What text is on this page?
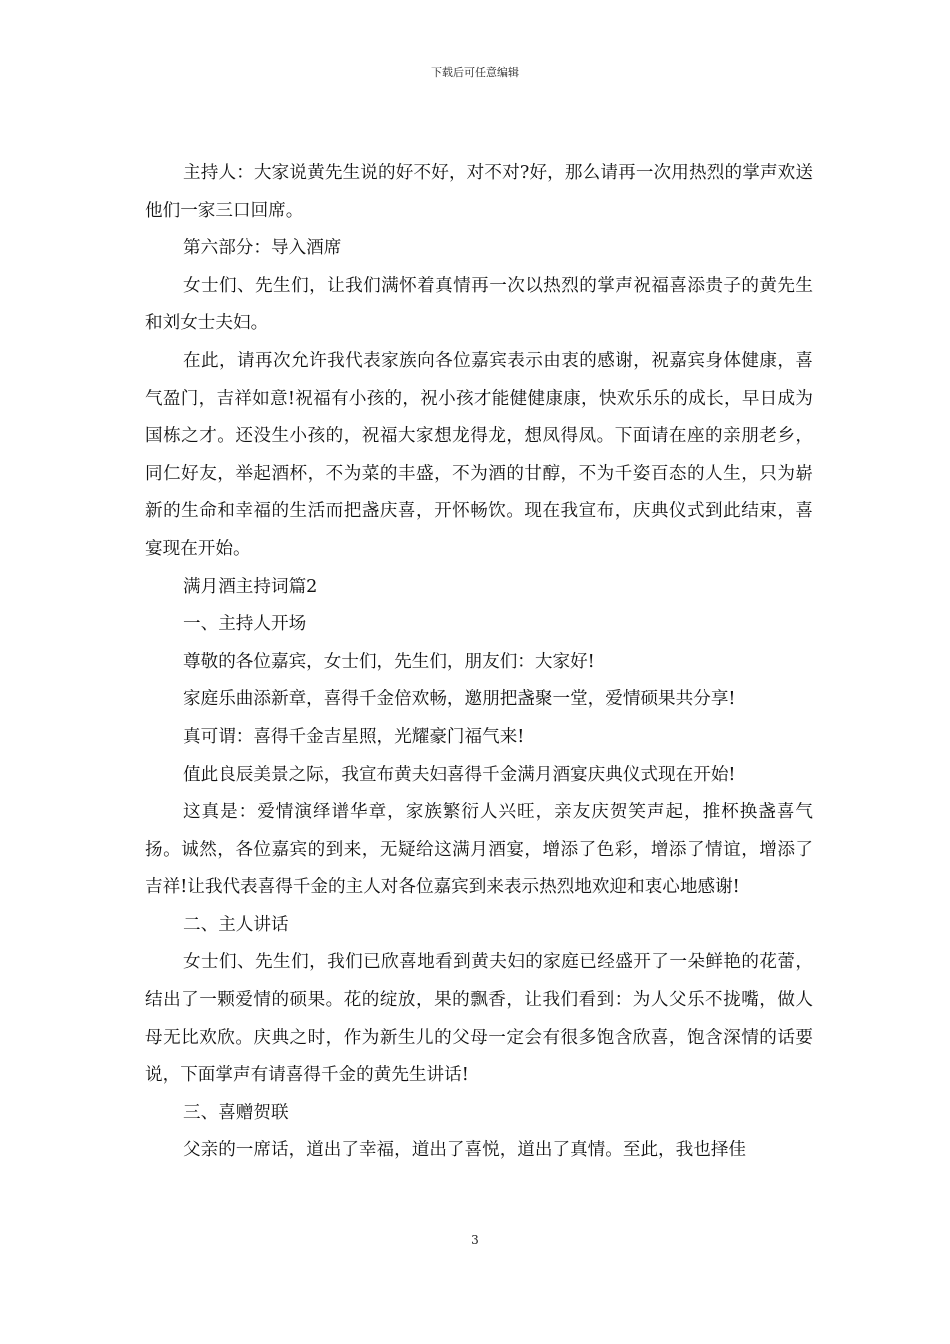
下载后可任意编辑

主持人：大家说黄先生说的好不好，对不对?好，那么请再一次用热烈的掌声欢送他们一家三口回席。

第六部分：导入酒席

女士们、先生们，让我们满怀着真情再一次以热烈的掌声祝福喜添贵子的黄先生和刘女士夫妇。

在此，请再次允许我代表家族向各位嘉宾表示由衷的感谢，祝嘉宾身体健康，喜气盈门，吉祥如意!祝福有小孩的，祝小孩才能健健康康，快欢乐乐的成长，早日成为国栋之才。还没生小孩的，祝福大家想龙得龙，想凤得凤。下面请在座的亲朋老乡，同仁好友，举起酒杯，不为菜的丰盛，不为酒的甘醇，不为千姿百态的人生，只为崭新的生命和幸福的生活而把盏庆喜，开怀畅饮。现在我宣布，庆典仪式到此结束，喜宴现在开始。

满月酒主持词篇2

一、主持人开场

尊敬的各位嘉宾，女士们，先生们，朋友们：大家好!

家庭乐曲添新章，喜得千金倍欢畅，邀朋把盏聚一堂，爱情硕果共分享!

真可谓：喜得千金吉星照，光耀豪门福气来!

值此良辰美景之际，我宣布黄夫妇喜得千金满月酒宴庆典仪式现在开始!

这真是：爱情演绎谱华章，家族繁衍人兴旺，亲友庆贺笑声起，推杯换盏喜气扬。诚然，各位嘉宾的到来，无疑给这满月酒宴，增添了色彩，增添了情谊，增添了吉祥!让我代表喜得千金的主人对各位嘉宾到来表示热烈地欢迎和衷心地感谢!

二、主人讲话

女士们、先生们，我们已欣喜地看到黄夫妇的家庭已经盛开了一朵鲜艳的花蕾，结出了一颗爱情的硕果。花的绽放，果的飘香，让我们看到：为人父乐不拢嘴，做人母无比欢欣。庆典之时，作为新生儿的父母一定会有很多饱含欣喜，饱含深情的话要说，下面掌声有请喜得千金的黄先生讲话!

三、喜赠贺联

父亲的一席话，道出了幸福，道出了喜悦，道出了真情。至此，我也择佳

3
